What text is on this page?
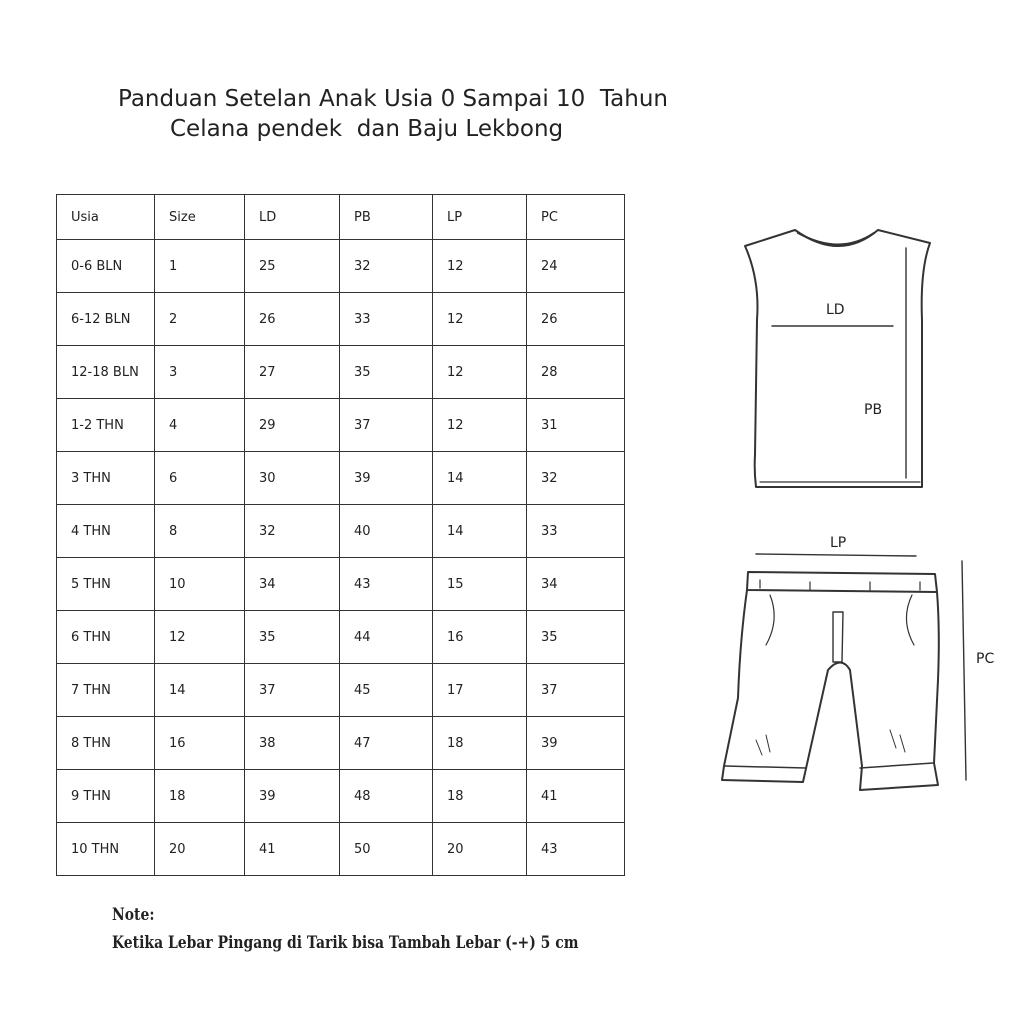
Panduan Setelan Anak Usia 0 Sampai 10  Tahun
Celana pendek  dan Baju Lekbong
Usia	Size	LD	PB	LP	PC
0-6 BLN	1	25	32	12	24
6-12 BLN	2	26	33	12	26
12-18 BLN	3	27	35	12	28
1-2 THN	4	29	37	12	31
3 THN	6	30	39	14	32
4 THN	8	32	40	14	33
5 THN	10	34	43	15	34
6 THN	12	35	44	16	35
7 THN	14	37	45	17	37
8 THN	16	38	47	18	39
9 THN	18	39	48	18	41
10 THN	20	41	50	20	43
LD
PB
LP
PC
Note:
Ketika Lebar Pingang di Tarik bisa Tambah Lebar (-+) 5 cm
